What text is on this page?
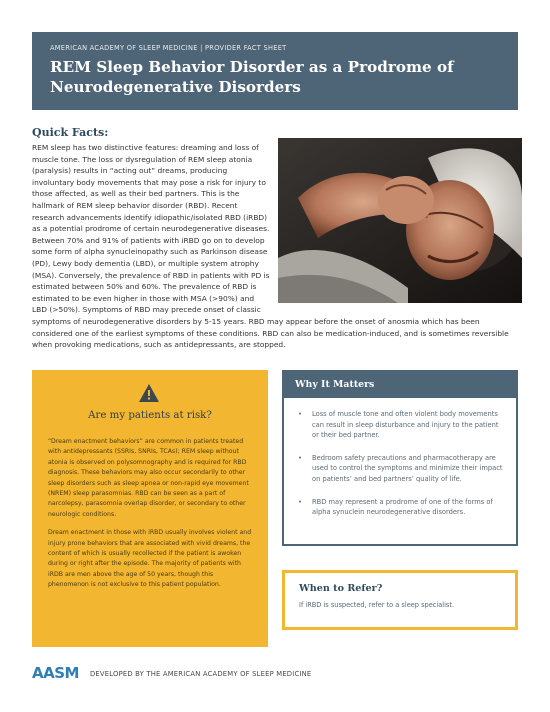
AMERICAN ACADEMY OF SLEEP MEDICINE | PROVIDER FACT SHEET
REM Sleep Behavior Disorder as a Prodrome of Neurodegenerative Disorders
Quick Facts:
REM sleep has two distinctive features: dreaming and loss of muscle tone. The loss or dysregulation of REM sleep atonia (paralysis) results in “acting out” dreams, producing involuntary body movements that may pose a risk for injury to those affected, as well as their bed partners. This is the hallmark of REM sleep behavior disorder (RBD). Recent research advancements identify idiopathic/isolated RBD (iRBD) as a potential prodrome of certain neurodegenerative diseases. Between 70% and 91% of patients with iRBD go on to develop some form of alpha synucleinopathy such as Parkinson disease (PD), Lewy body dementia (LBD), or multiple system atrophy (MSA). Conversely, the prevalence of RBD in patients with PD is estimated between 50% and 60%. The prevalence of RBD is estimated to be even higher in those with MSA (>90%) and LBD (>50%). Symptoms of RBD may precede onset of classic symptoms of neurodegenerative disorders by 5-15 years. RBD may appear before the onset of anosmia which has been considered one of the earliest symptoms of these conditions. RBD can also be medication-induced, and is sometimes reversible when provoking medications, such as antidepressants, are stopped.
Are my patients at risk?
“Dream enactment behaviors” are common in patients treated with antidepressants (SSRIs, SNRIs, TCAs); REM sleep without atonia is observed on polysomnography and is required for RBD diagnosis. These behaviors may also occur secondarily to other sleep disorders such as sleep apnea or non-rapid eye movement (NREM) sleep parasomnias. RBD can be seen as a part of narcolepsy, parasomnia overlap disorder, or secondary to other neurologic conditions.
Dream enactment in those with iRBD usually involves violent and injury prone behaviors that are associated with vivid dreams, the content of which is usually recollected if the patient is awoken during or right after the episode. The majority of patients with iRDB are men above the age of 50 years, though this phenomenon is not exclusive to this patient population.
Why It Matters
• Loss of muscle tone and often violent body movements can result in sleep disturbance and injury to the patient or their bed partner.
• Bedroom safety precautions and pharmacotherapy are used to control the symptoms and minimize their impact on patients’ and bed partners’ quality of life.
• RBD may represent a prodrome of one of the forms of alpha synuclein neurodegenerative disorders.
When to Refer?
If iRBD is suspected, refer to a sleep specialist.
AASM DEVELOPED BY THE AMERICAN ACADEMY OF SLEEP MEDICINE
